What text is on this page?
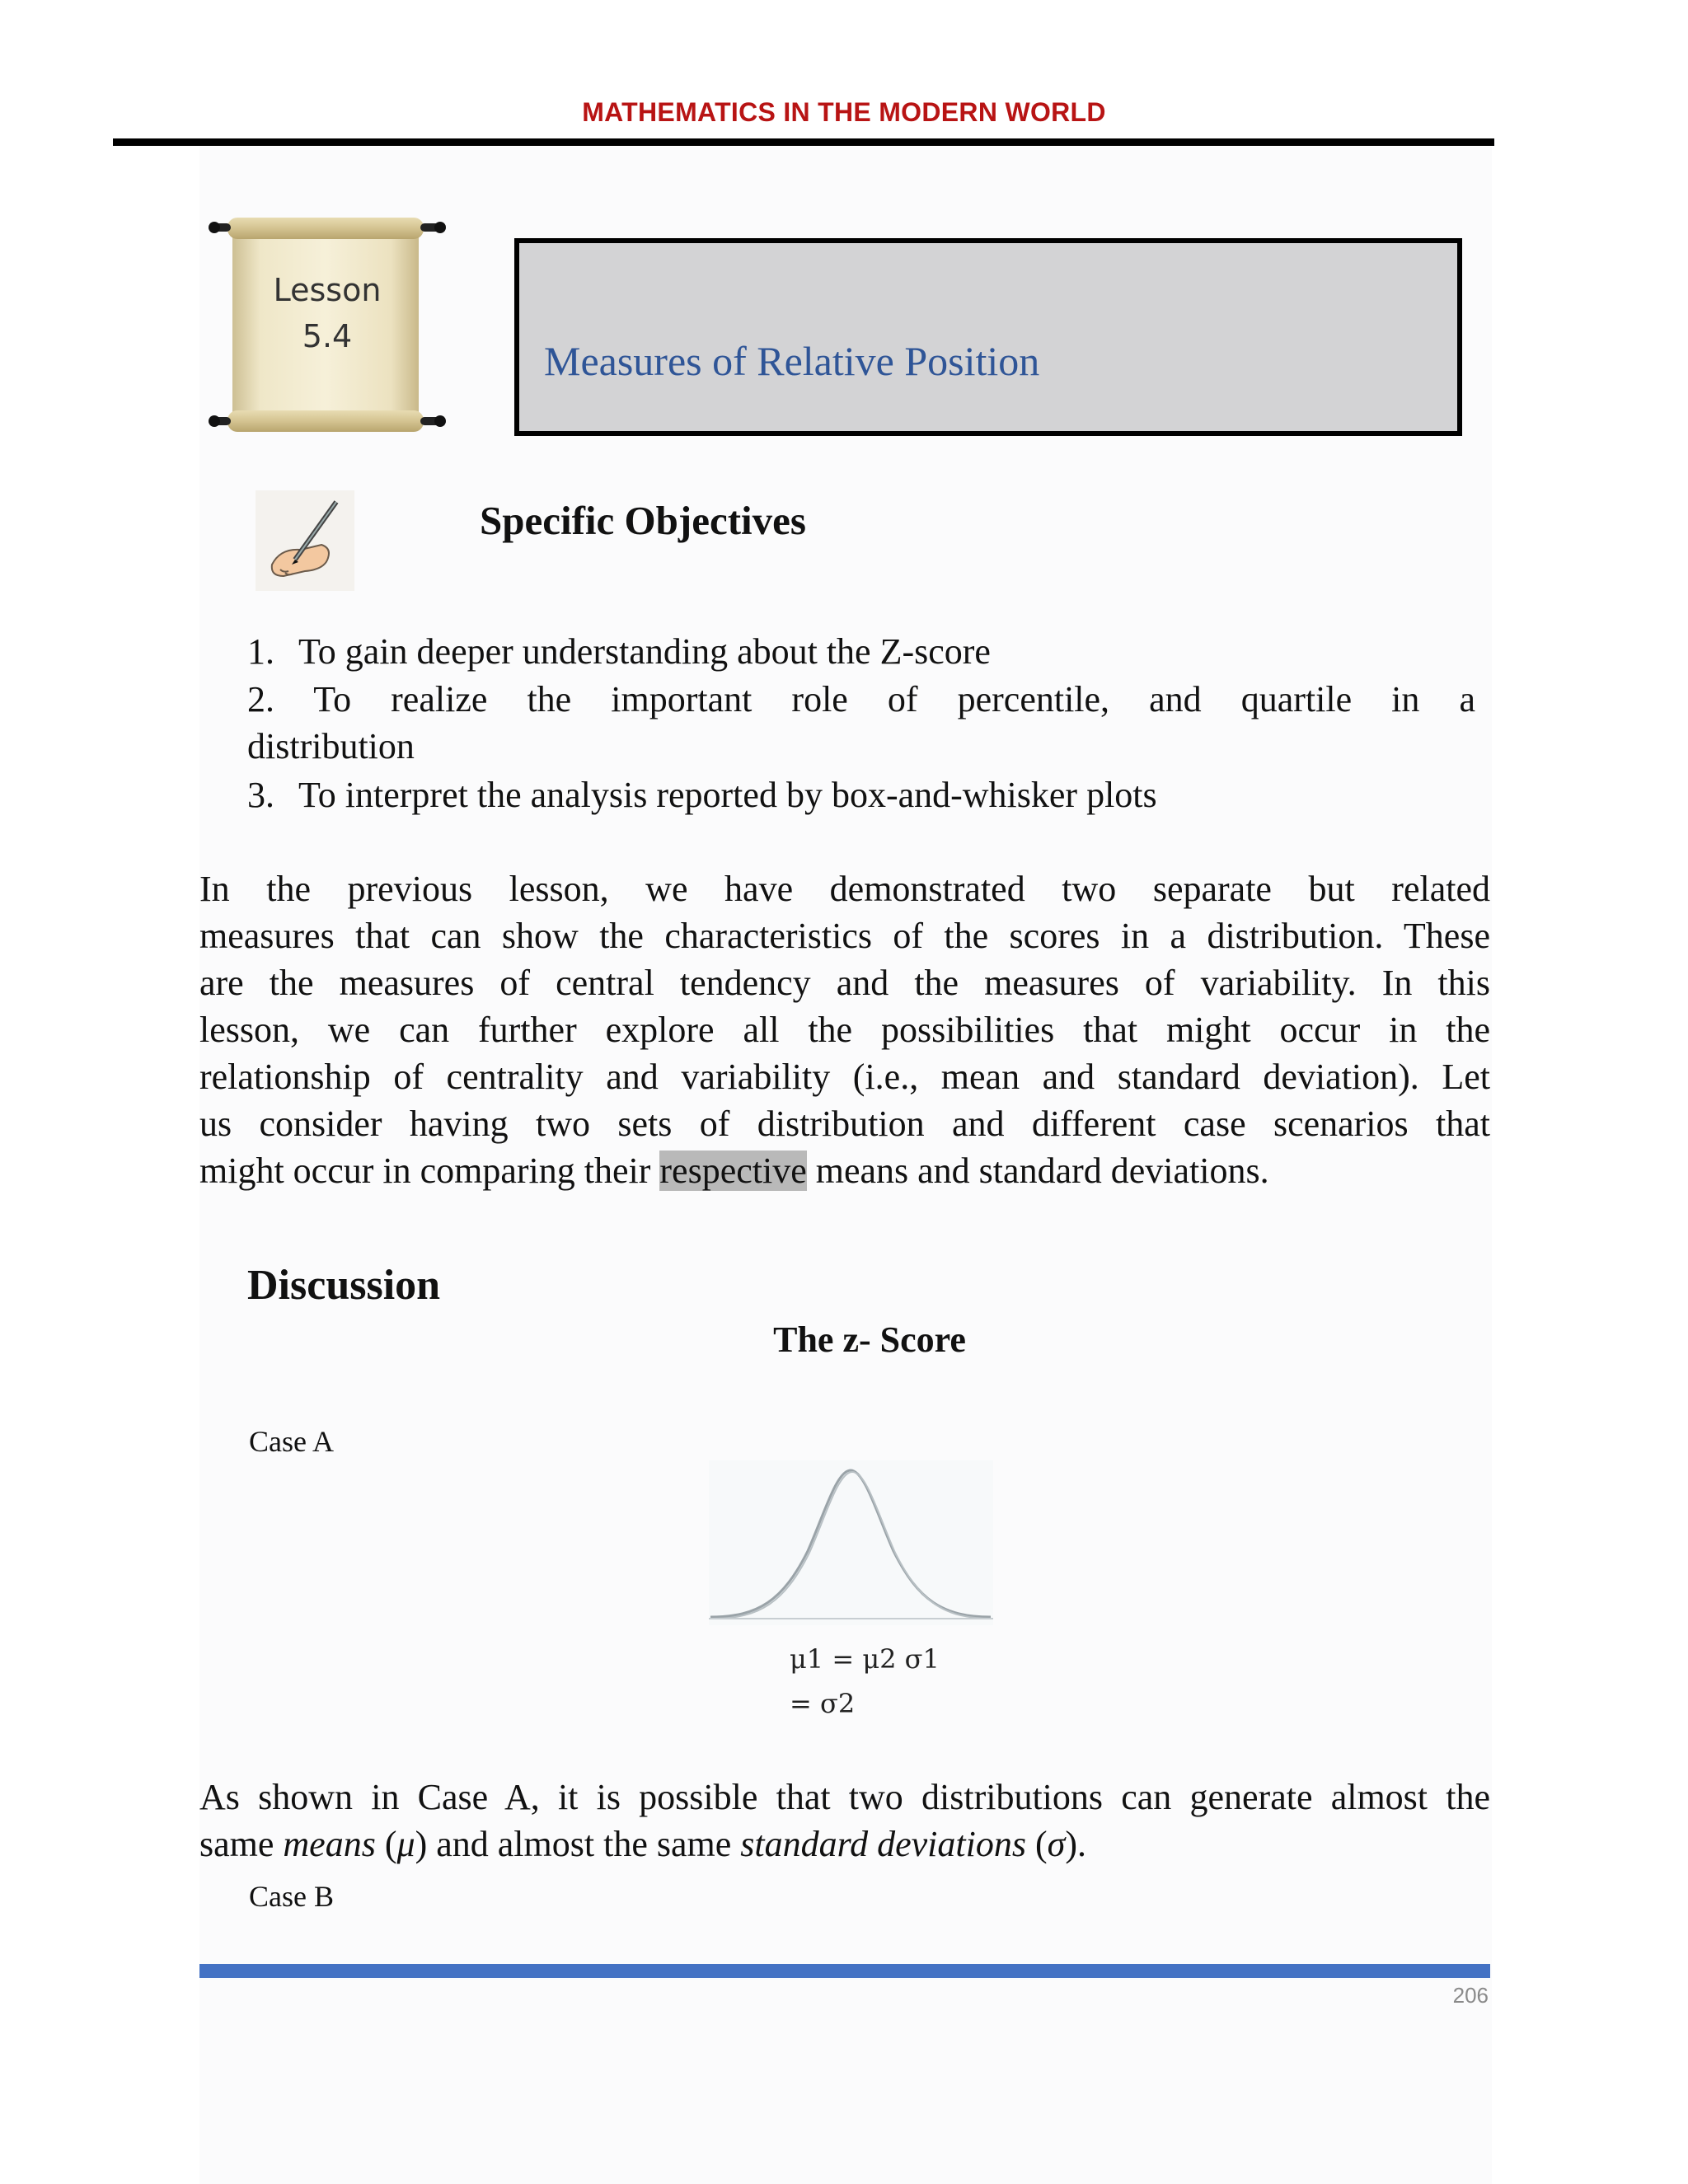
MATHEMATICS IN THE MODERN WORLD
Lesson
5.4
Measures of Relative Position
Specific Objectives
1. To gain deeper understanding about the Z-score
2. To realize the important role of percentile, and quartile in a
distribution
3. To interpret the analysis reported by box-and-whisker plots
In the previous lesson, we have demonstrated two separate but related
measures that can show the characteristics of the scores in a distribution. These
are the measures of central tendency and the measures of variability. In this
lesson, we can further explore all the possibilities that might occur in the
relationship of centrality and variability (i.e., mean and standard deviation). Let
us consider having two sets of distribution and different case scenarios that
might occur in comparing their respective means and standard deviations.
Discussion
The z- Score
Case A
μ1 = μ2 σ1
= σ2
As shown in Case A, it is possible that two distributions can generate almost the
same means (μ) and almost the same standard deviations (σ).
Case B
206
